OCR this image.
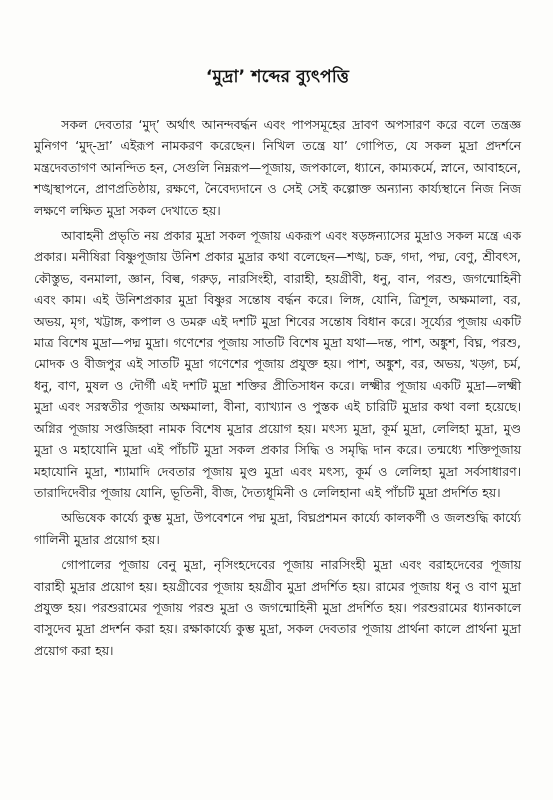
‘মুদ্রা’ শব্দের ব্যুৎপত্তি

সকল দেবতার ‘মুদ্’ অর্থাৎ আনন্দবর্দ্ধন এবং পাপসমূহের দ্রাবণ অপসারণ করে বলে তন্ত্রজ্ঞ মুনিগণ ‘মুদ্-দ্রা’ এইরূপ নামকরণ করেছেন। নিখিল তন্ত্রে যা’ গোপিত, যে সকল মুদ্রা প্রদর্শনে মন্ত্রদেবতাগণ আনন্দিত হন, সেগুলি নিম্নরূপ—পূজায়, জপকালে, ধ্যানে, কাম্যকর্মে, স্নানে, আবাহনে, শঙ্খস্থাপনে, প্রাণপ্রতিষ্ঠায়, রক্ষণে, নৈবেদ্যদানে ও সেই সেই কল্পোক্ত অন্যান্য কার্য্যস্থানে নিজ নিজ লক্ষণে লক্ষিত মুদ্রা সকল দেখাতে হয়।

আবাহনী প্রভৃতি নয় প্রকার মুদ্রা সকল পূজায় একরূপ এবং ষড়ঙ্গন্যাসের মুদ্রাও সকল মন্ত্রে এক প্রকার। মনীষিরা বিষ্ণুপূজায় উনিশ প্রকার মুদ্রার কথা বলেছেন—শঙ্খ, চক্র, গদা, পদ্ম, বেণু, শ্রীবৎস, কৌস্তুভ, বনমালা, জ্ঞান, বিল্ব, গরুড়, নারসিংহী, বারাহী, হয়গ্রীবী, ধনু, বান, পরশু, জগন্মোহিনী এবং কাম। এই উনিশপ্রকার মুদ্রা বিষ্ণুর সন্তোষ বর্দ্ধন করে। লিঙ্গ, যোনি, ত্রিশূল, অক্ষমালা, বর, অভয়, মৃগ, খট্টাঙ্গ, কপাল ও ডমরু এই দশটি মুদ্রা শিবের সন্তোষ বিধান করে। সূর্য্যের পূজায় একটি মাত্র বিশেষ মুদ্রা—পদ্ম মুদ্রা। গণেশের পূজায় সাতটি বিশেষ মুদ্রা যথা—দন্ত, পাশ, অঙ্কুশ, বিঘ্ন, পরশু, মোদক ও বীজপুর এই সাতটি মুদ্রা গণেশের পূজায় প্রযুক্ত হয়। পাশ, অঙ্কুশ, বর, অভয়, খড়্গ, চর্ম, ধনু, বাণ, মুষল ও দৌর্গী এই দশটি মুদ্রা শক্তির প্রীতিসাধন করে। লক্ষ্মীর পূজায় একটি মুদ্রা—লক্ষ্মী মুদ্রা এবং সরস্বতীর পূজায় অক্ষমালা, বীনা, ব্যাখ্যান ও পুস্তক এই চারিটি মুদ্রার কথা বলা হয়েছে। অগ্নির পূজায় সপ্তজিহ্বা নামক বিশেষ মুদ্রার প্রয়োগ হয়। মৎস্য মুদ্রা, কূর্ম মুদ্রা, লেলিহা মুদ্রা, মুণ্ড মুদ্রা ও মহাযোনি মুদ্রা এই পাঁচটি মুদ্রা সকল প্রকার সিদ্ধি ও সমৃদ্ধি দান করে। তন্মধ্যে শক্তিপূজায় মহাযোনি মুদ্রা, শ্যামাদি দেবতার পূজায় মুণ্ড মুদ্রা এবং মৎস্য, কূর্ম ও লেলিহা মুদ্রা সর্বসাধারণ। তারাদিদেবীর পূজায় যোনি, ভূতিনী, বীজ, দৈত্যধূমিনী ও লেলিহানা এই পাঁচটি মুদ্রা প্রদর্শিত হয়।

অভিষেক কার্য্যে কুম্ভ মুদ্রা, উপবেশনে পদ্ম মুদ্রা, বিঘ্নপ্রশমন কার্য্যে কালকর্ণী ও জলশুদ্ধি কার্য্যে গালিনী মুদ্রার প্রয়োগ হয়।

গোপালের পূজায় বেনু মুদ্রা, নৃসিংহদেবের পূজায় নারসিংহী মুদ্রা এবং বরাহদেবের পূজায় বারাহী মুদ্রার প্রয়োগ হয়। হয়গ্রীবের পূজায় হয়গ্রীব মুদ্রা প্রদর্শিত হয়। রামের পূজায় ধনু ও বাণ মুদ্রা প্রযুক্ত হয়। পরশুরামের পূজায় পরশু মুদ্রা ও জগন্মোহিনী মুদ্রা প্রদর্শিত হয়। পরশুরামের ধ্যানকালে বাসুদেব মুদ্রা প্রদর্শন করা হয়। রক্ষাকার্য্যে কুম্ভ মুদ্রা, সকল দেবতার পূজায় প্রার্থনা কালে প্রার্থনা মুদ্রা প্রয়োগ করা হয়।
